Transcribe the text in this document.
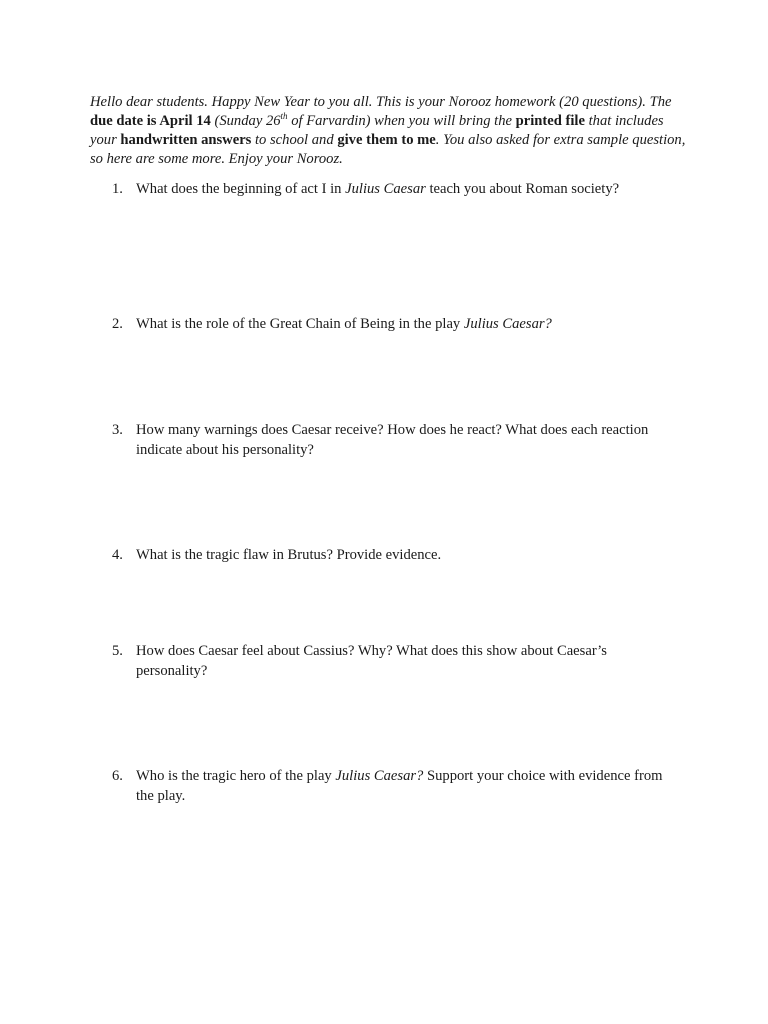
Hello dear students. Happy New Year to you all. This is your Norooz homework (20 questions). The due date is April 14 (Sunday 26th of Farvardin) when you will bring the printed file that includes your handwritten answers to school and give them to me. You also asked for extra sample question, so here are some more. Enjoy your Norooz.
1. What does the beginning of act I in Julius Caesar teach you about Roman society?
2. What is the role of the Great Chain of Being in the play Julius Caesar?
3. How many warnings does Caesar receive? How does he react? What does each reaction indicate about his personality?
4. What is the tragic flaw in Brutus? Provide evidence.
5. How does Caesar feel about Cassius? Why? What does this show about Caesar’s personality?
6. Who is the tragic hero of the play Julius Caesar? Support your choice with evidence from the play.
